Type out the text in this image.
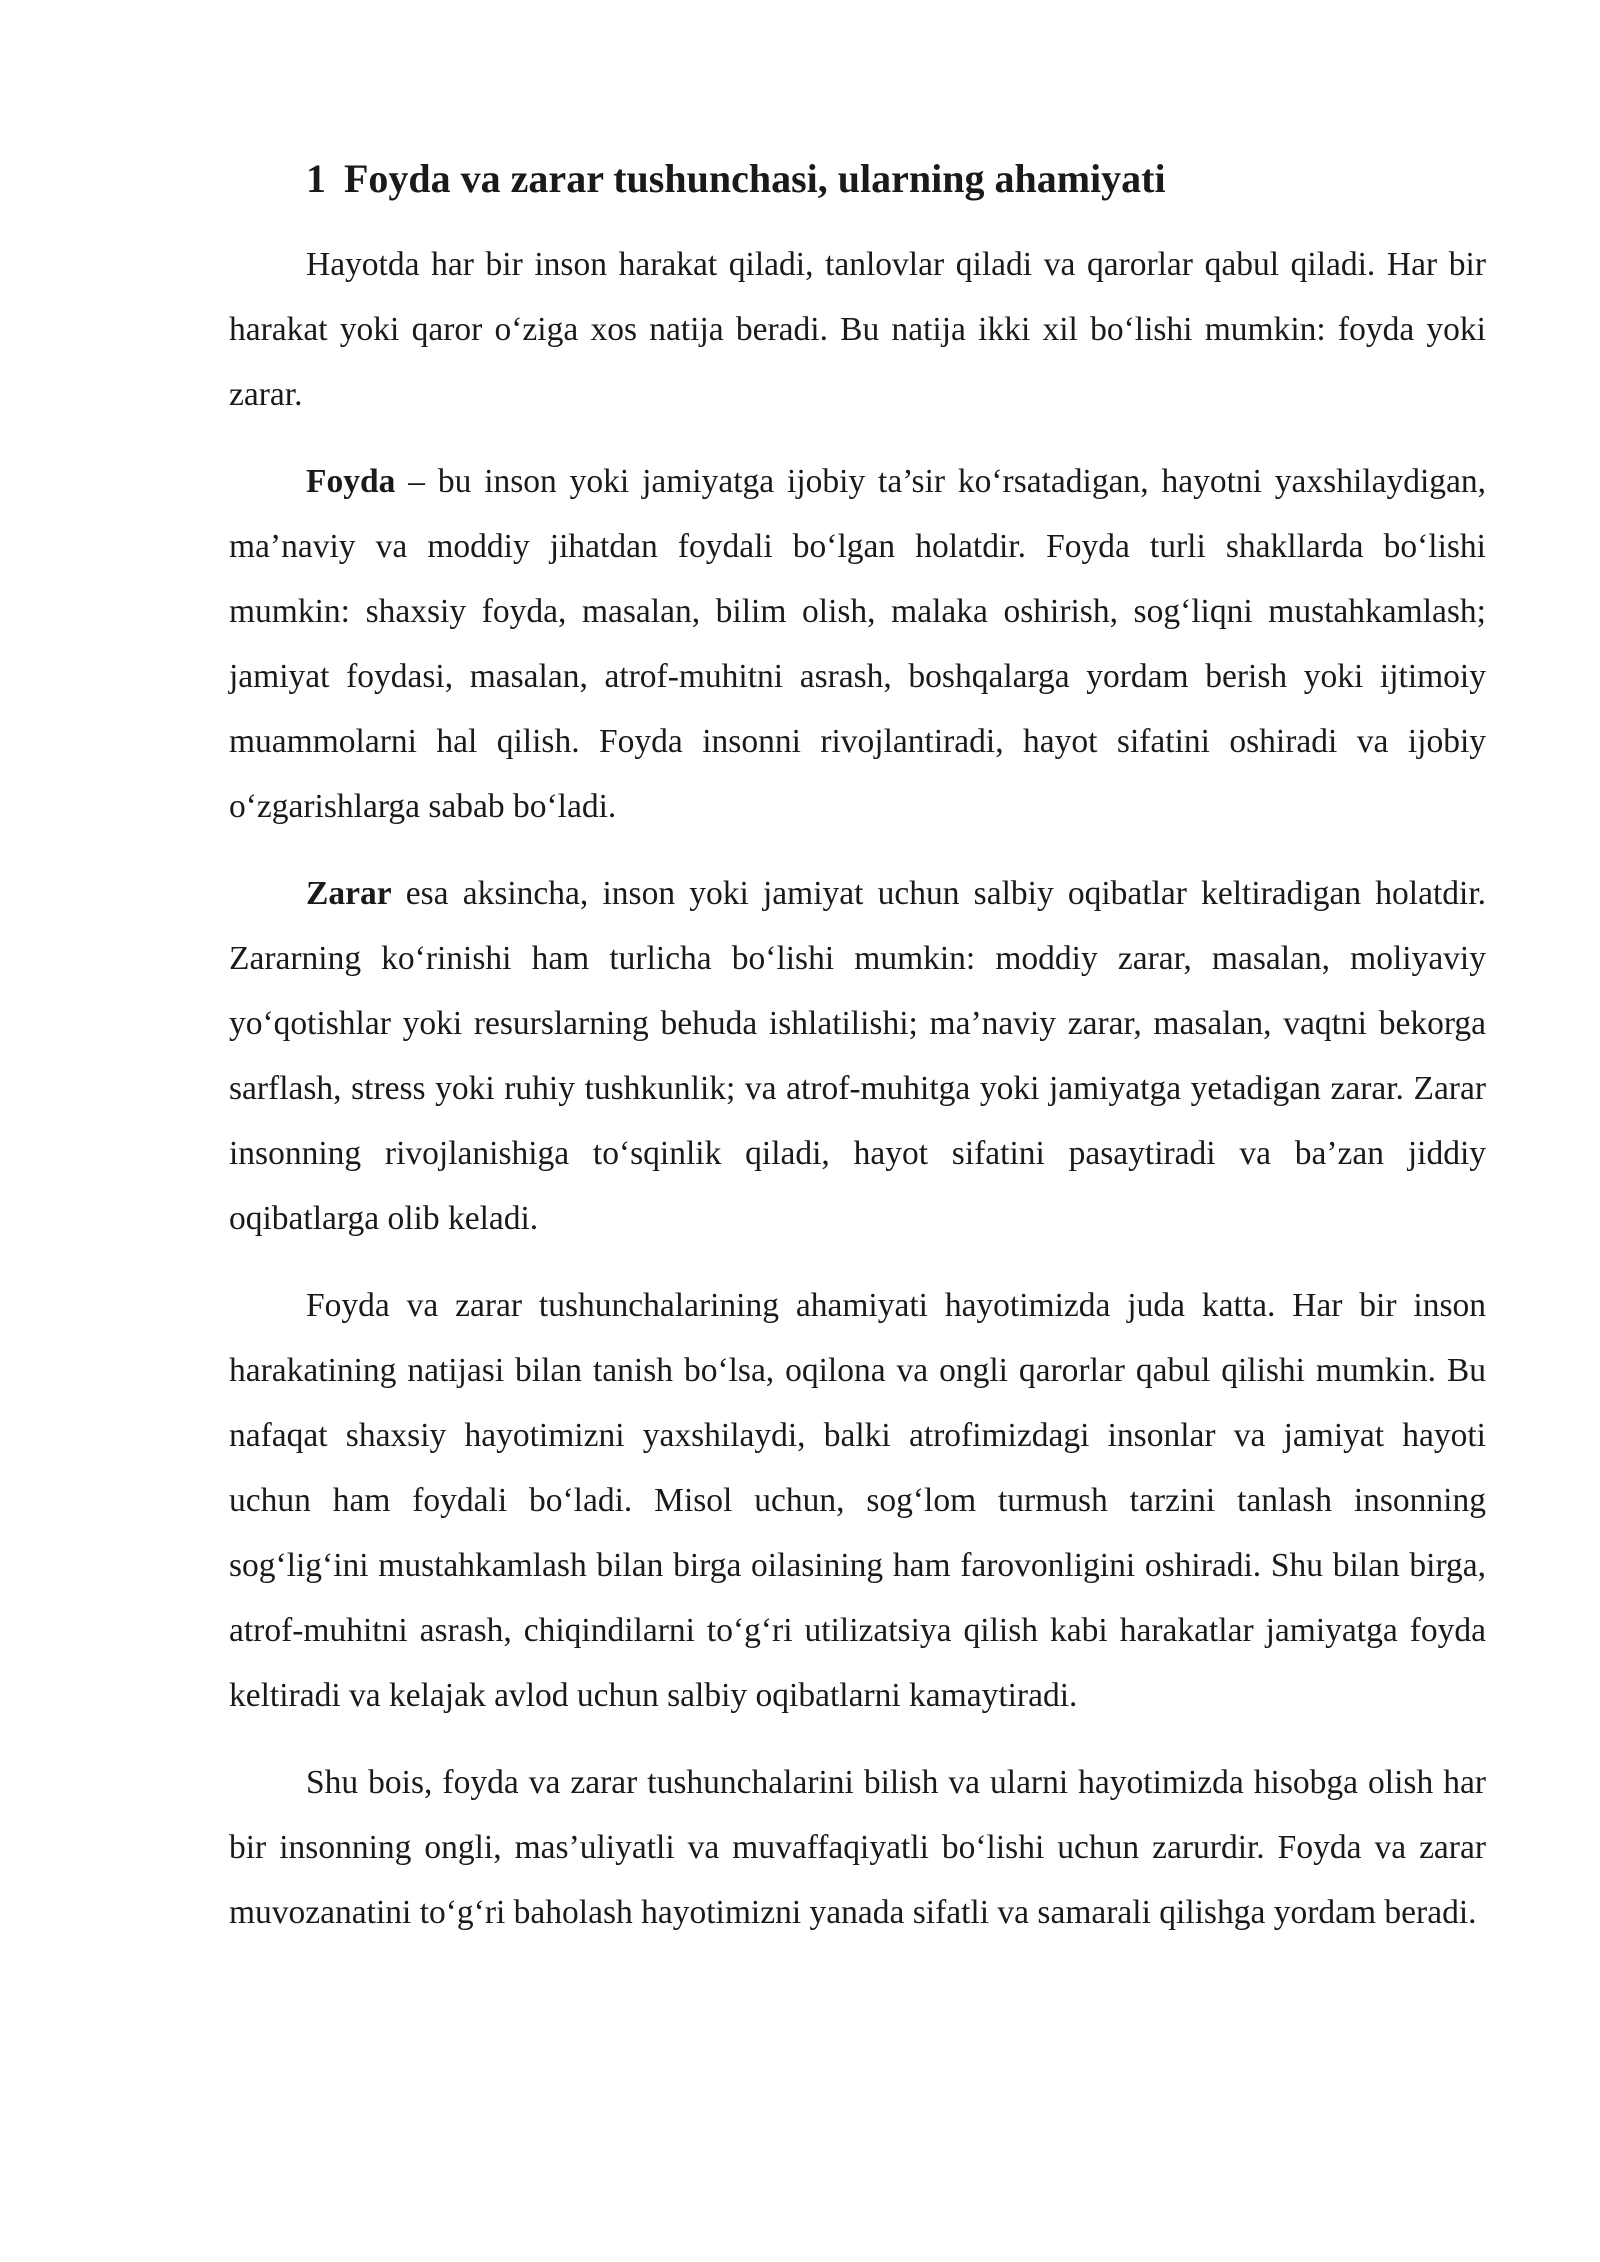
1 Foyda va zarar tushunchasi, ularning ahamiyati

Hayotda har bir inson harakat qiladi, tanlovlar qiladi va qarorlar qabul qiladi. Har bir harakat yoki qaror o‘ziga xos natija beradi. Bu natija ikki xil bo‘lishi mumkin: foyda yoki zarar.

Foyda – bu inson yoki jamiyatga ijobiy ta’sir ko‘rsatadigan, hayotni yaxshilaydigan, ma’naviy va moddiy jihatdan foydali bo‘lgan holatdir. Foyda turli shakllarda bo‘lishi mumkin: shaxsiy foyda, masalan, bilim olish, malaka oshirish, sog‘liqni mustahkamlash; jamiyat foydasi, masalan, atrof-muhitni asrash, boshqalarga yordam berish yoki ijtimoiy muammolarni hal qilish. Foyda insonni rivojlantiradi, hayot sifatini oshiradi va ijobiy o‘zgarishlarga sabab bo‘ladi.

Zarar esa aksincha, inson yoki jamiyat uchun salbiy oqibatlar keltiradigan holatdir. Zararning ko‘rinishi ham turlicha bo‘lishi mumkin: moddiy zarar, masalan, moliyaviy yo‘qotishlar yoki resurslarning behuda ishlatilishi; ma’naviy zarar, masalan, vaqtni bekorga sarflash, stress yoki ruhiy tushkunlik; va atrof-muhitga yoki jamiyatga yetadigan zarar. Zarar insonning rivojlanishiga to‘sqinlik qiladi, hayot sifatini pasaytiradi va ba’zan jiddiy oqibatlarga olib keladi.

Foyda va zarar tushunchalarining ahamiyati hayotimizda juda katta. Har bir inson harakatining natijasi bilan tanish bo‘lsa, oqilona va ongli qarorlar qabul qilishi mumkin. Bu nafaqat shaxsiy hayotimizni yaxshilaydi, balki atrofimizdagi insonlar va jamiyat hayoti uchun ham foydali bo‘ladi. Misol uchun, sog‘lom turmush tarzini tanlash insonning sog‘lig‘ini mustahkamlash bilan birga oilasining ham farovonligini oshiradi. Shu bilan birga, atrof-muhitni asrash, chiqindilarni to‘g‘ri utilizatsiya qilish kabi harakatlar jamiyatga foyda keltiradi va kelajak avlod uchun salbiy oqibatlarni kamaytiradi.

Shu bois, foyda va zarar tushunchalarini bilish va ularni hayotimizda hisobga olish har bir insonning ongli, mas’uliyatli va muvaffaqiyatli bo‘lishi uchun zarurdir. Foyda va zarar muvozanatini to‘g‘ri baholash hayotimizni yanada sifatli va samarali qilishga yordam beradi.
